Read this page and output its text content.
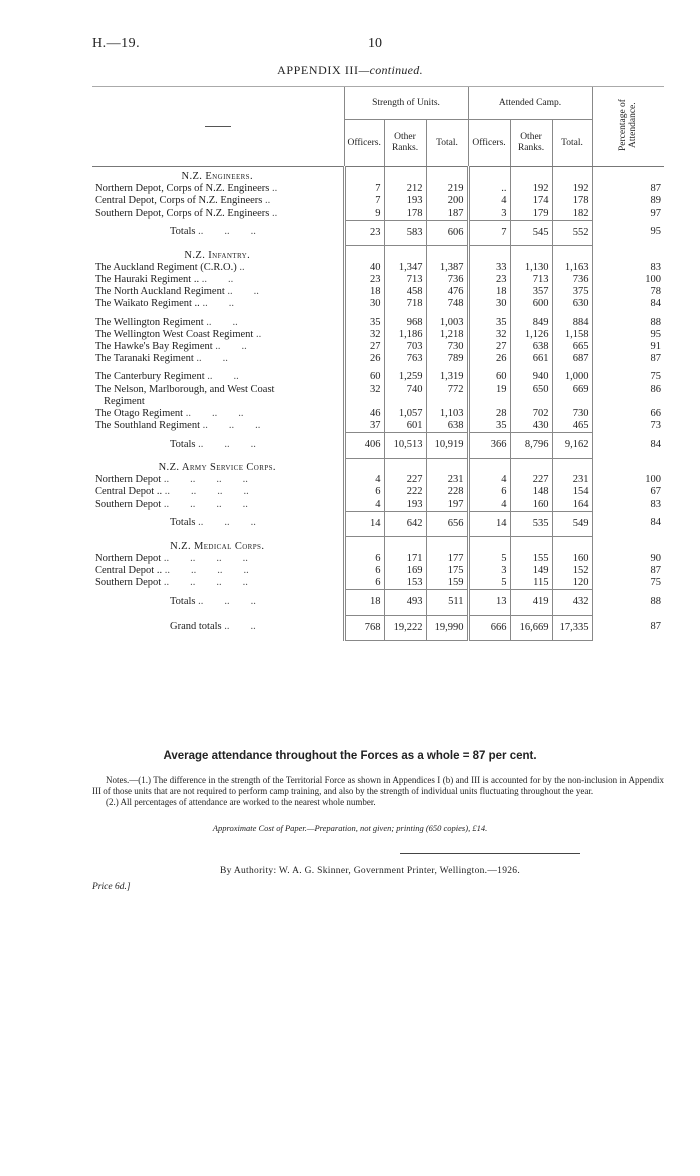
H.—19.	10
APPENDIX III—continued.
	Strength of Units.			Attended Camp.			Percentage of Attendance.
	Officers.	Other Ranks.	Total.	Officers.	Other Ranks.	Total.	
N.Z. Engineers.							
Northern Depot, Corps of N.Z. Engineers ..	7	212	219	..	192	192	87
Central Depot, Corps of N.Z. Engineers ..	7	193	200	4	174	178	89
Southern Depot, Corps of N.Z. Engineers ..	9	178	187	3	179	182	97
Totals ..        ..        ..	23	583	606	7	545	552	95
N.Z. Infantry.							
The Auckland Regiment (C.R.O.) ..	40	1,347	1,387	33	1,130	1,163	83
The Hauraki Regiment .. ..        ..	23	713	736	23	713	736	100
The North Auckland Regiment ..        ..	18	458	476	18	357	375	78
The Waikato Regiment .. ..        ..	30	718	748	30	600	630	84

The Wellington Regiment ..        ..	35	968	1,003	35	849	884	88
The Wellington West Coast Regiment ..	32	1,186	1,218	32	1,126	1,158	95
The Hawke's Bay Regiment ..        ..	27	703	730	27	638	665	91
The Taranaki Regiment ..        ..	26	763	789	26	661	687	87

The Canterbury Regiment ..        ..	60	1,259	1,319	60	940	1,000	75
The Nelson, Marlborough, and West Coast	32	740	772	19	650	669	86
Regiment							
The Otago Regiment ..        ..        ..	46	1,057	1,103	28	702	730	66
The Southland Regiment ..        ..        ..	37	601	638	35	430	465	73
Totals ..        ..        ..	406	10,513	10,919	366	8,796	9,162	84
N.Z. Army Service Corps.							
Northern Depot ..        ..        ..        ..	4	227	231	4	227	231	100
Central Depot .. ..        ..        ..        ..	6	222	228	6	148	154	67
Southern Depot ..        ..        ..        ..	4	193	197	4	160	164	83
Totals ..        ..        ..	14	642	656	14	535	549	84
N.Z. Medical Corps.							
Northern Depot ..        ..        ..        ..	6	171	177	5	155	160	90
Central Depot .. ..        ..        ..        ..	6	169	175	3	149	152	87
Southern Depot ..        ..        ..        ..	6	153	159	5	115	120	75
Totals ..        ..        ..	18	493	511	13	419	432	88
Grand totals ..        ..	768	19,222	19,990	666	16,669	17,335	87
Average attendance throughout the Forces as a whole = 87 per cent.

Notes.—(1.) The difference in the strength of the Territorial Force as shown in Appendices I (b) and III is accounted for by the non-inclusion in Appendix III of those units that are not required to perform camp training, and also by the strength of individual units fluctuating throughout the year.

(2.) All percentages of attendance are worked to the nearest whole number.

Approximate Cost of Paper.—Preparation, not given; printing (650 copies), £14.
By Authority: W. A. G. Skinner, Government Printer, Wellington.—1926.
Price 6d.]
